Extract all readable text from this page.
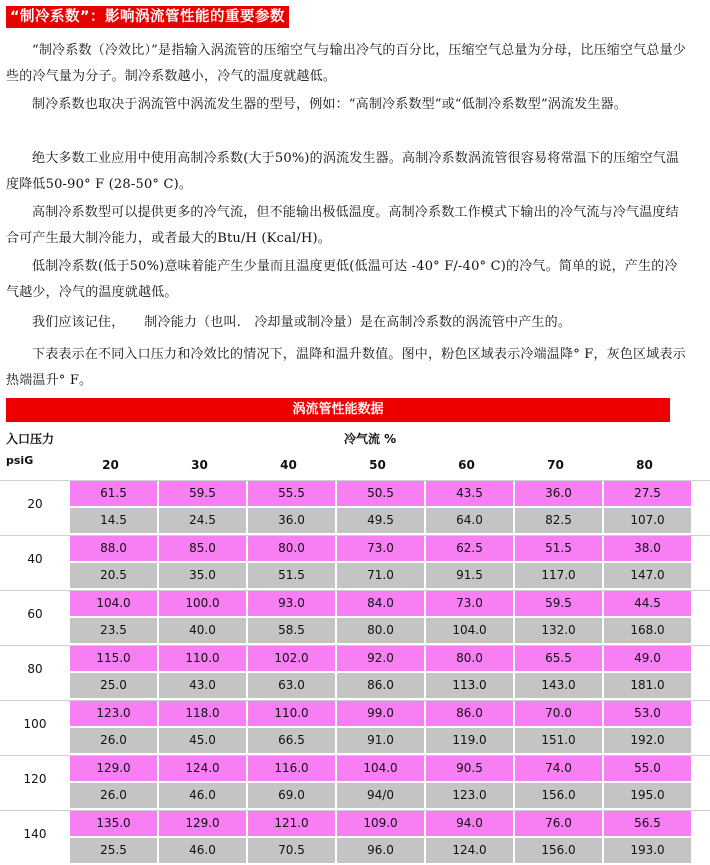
“制冷系数”：影响涡流管性能的重要参数
“制冷系数（冷效比）”是指输入涡流管的压缩空气与输出冷气的百分比，压缩空气总量为分母，比压缩空气总量少些的冷气量为分子。制冷系数越小，冷气的温度就越低。
制冷系数也取决于涡流管中涡流发生器的型号，例如：“高制冷系数型”或“低制冷系数型”涡流发生器。
绝大多数工业应用中使用高制冷系数(大于50%)的涡流发生器。高制冷系数涡流管很容易将常温下的压缩空气温度降低50-90° F (28-50° C)。
高制冷系数型可以提供更多的冷气流，但不能输出极低温度。高制冷系数工作模式下输出的冷气流与冷气温度结合可产生最大制冷能力，或者最大的Btu/H (Kcal/H)。
低制冷系数(低于50%)意味着能产生少量而且温度更低(低温可达 -40° F/-40° C)的冷气。简单的说，产生的冷气越少，冷气的温度就越低。
我们应该记住，　　制冷能力（也叫.　冷却量或制冷量）是在高制冷系数的涡流管中产生的。
下表表示在不同入口压力和冷效比的情况下，温降和温升数值。图中，粉色区域表示冷端温降° F，灰色区域表示热端温升° F。
涡流管性能数据
入口压力
psiG
冷气流 %
20	30	40	50	60	70	80
20
61.5	59.5	55.5	50.5	43.5	36.0	27.5
14.5	24.5	36.0	49.5	64.0	82.5	107.0
40
88.0	85.0	80.0	73.0	62.5	51.5	38.0
20.5	35.0	51.5	71.0	91.5	117.0	147.0
60
104.0	100.0	93.0	84.0	73.0	59.5	44.5
23.5	40.0	58.5	80.0	104.0	132.0	168.0
80
115.0	110.0	102.0	92.0	80.0	65.5	49.0
25.0	43.0	63.0	86.0	113.0	143.0	181.0
100
123.0	118.0	110.0	99.0	86.0	70.0	53.0
26.0	45.0	66.5	91.0	119.0	151.0	192.0
120
129.0	124.0	116.0	104.0	90.5	74.0	55.0
26.0	46.0	69.0	94/0	123.0	156.0	195.0
140
135.0	129.0	121.0	109.0	94.0	76.0	56.5
25.5	46.0	70.5	96.0	124.0	156.0	193.0
